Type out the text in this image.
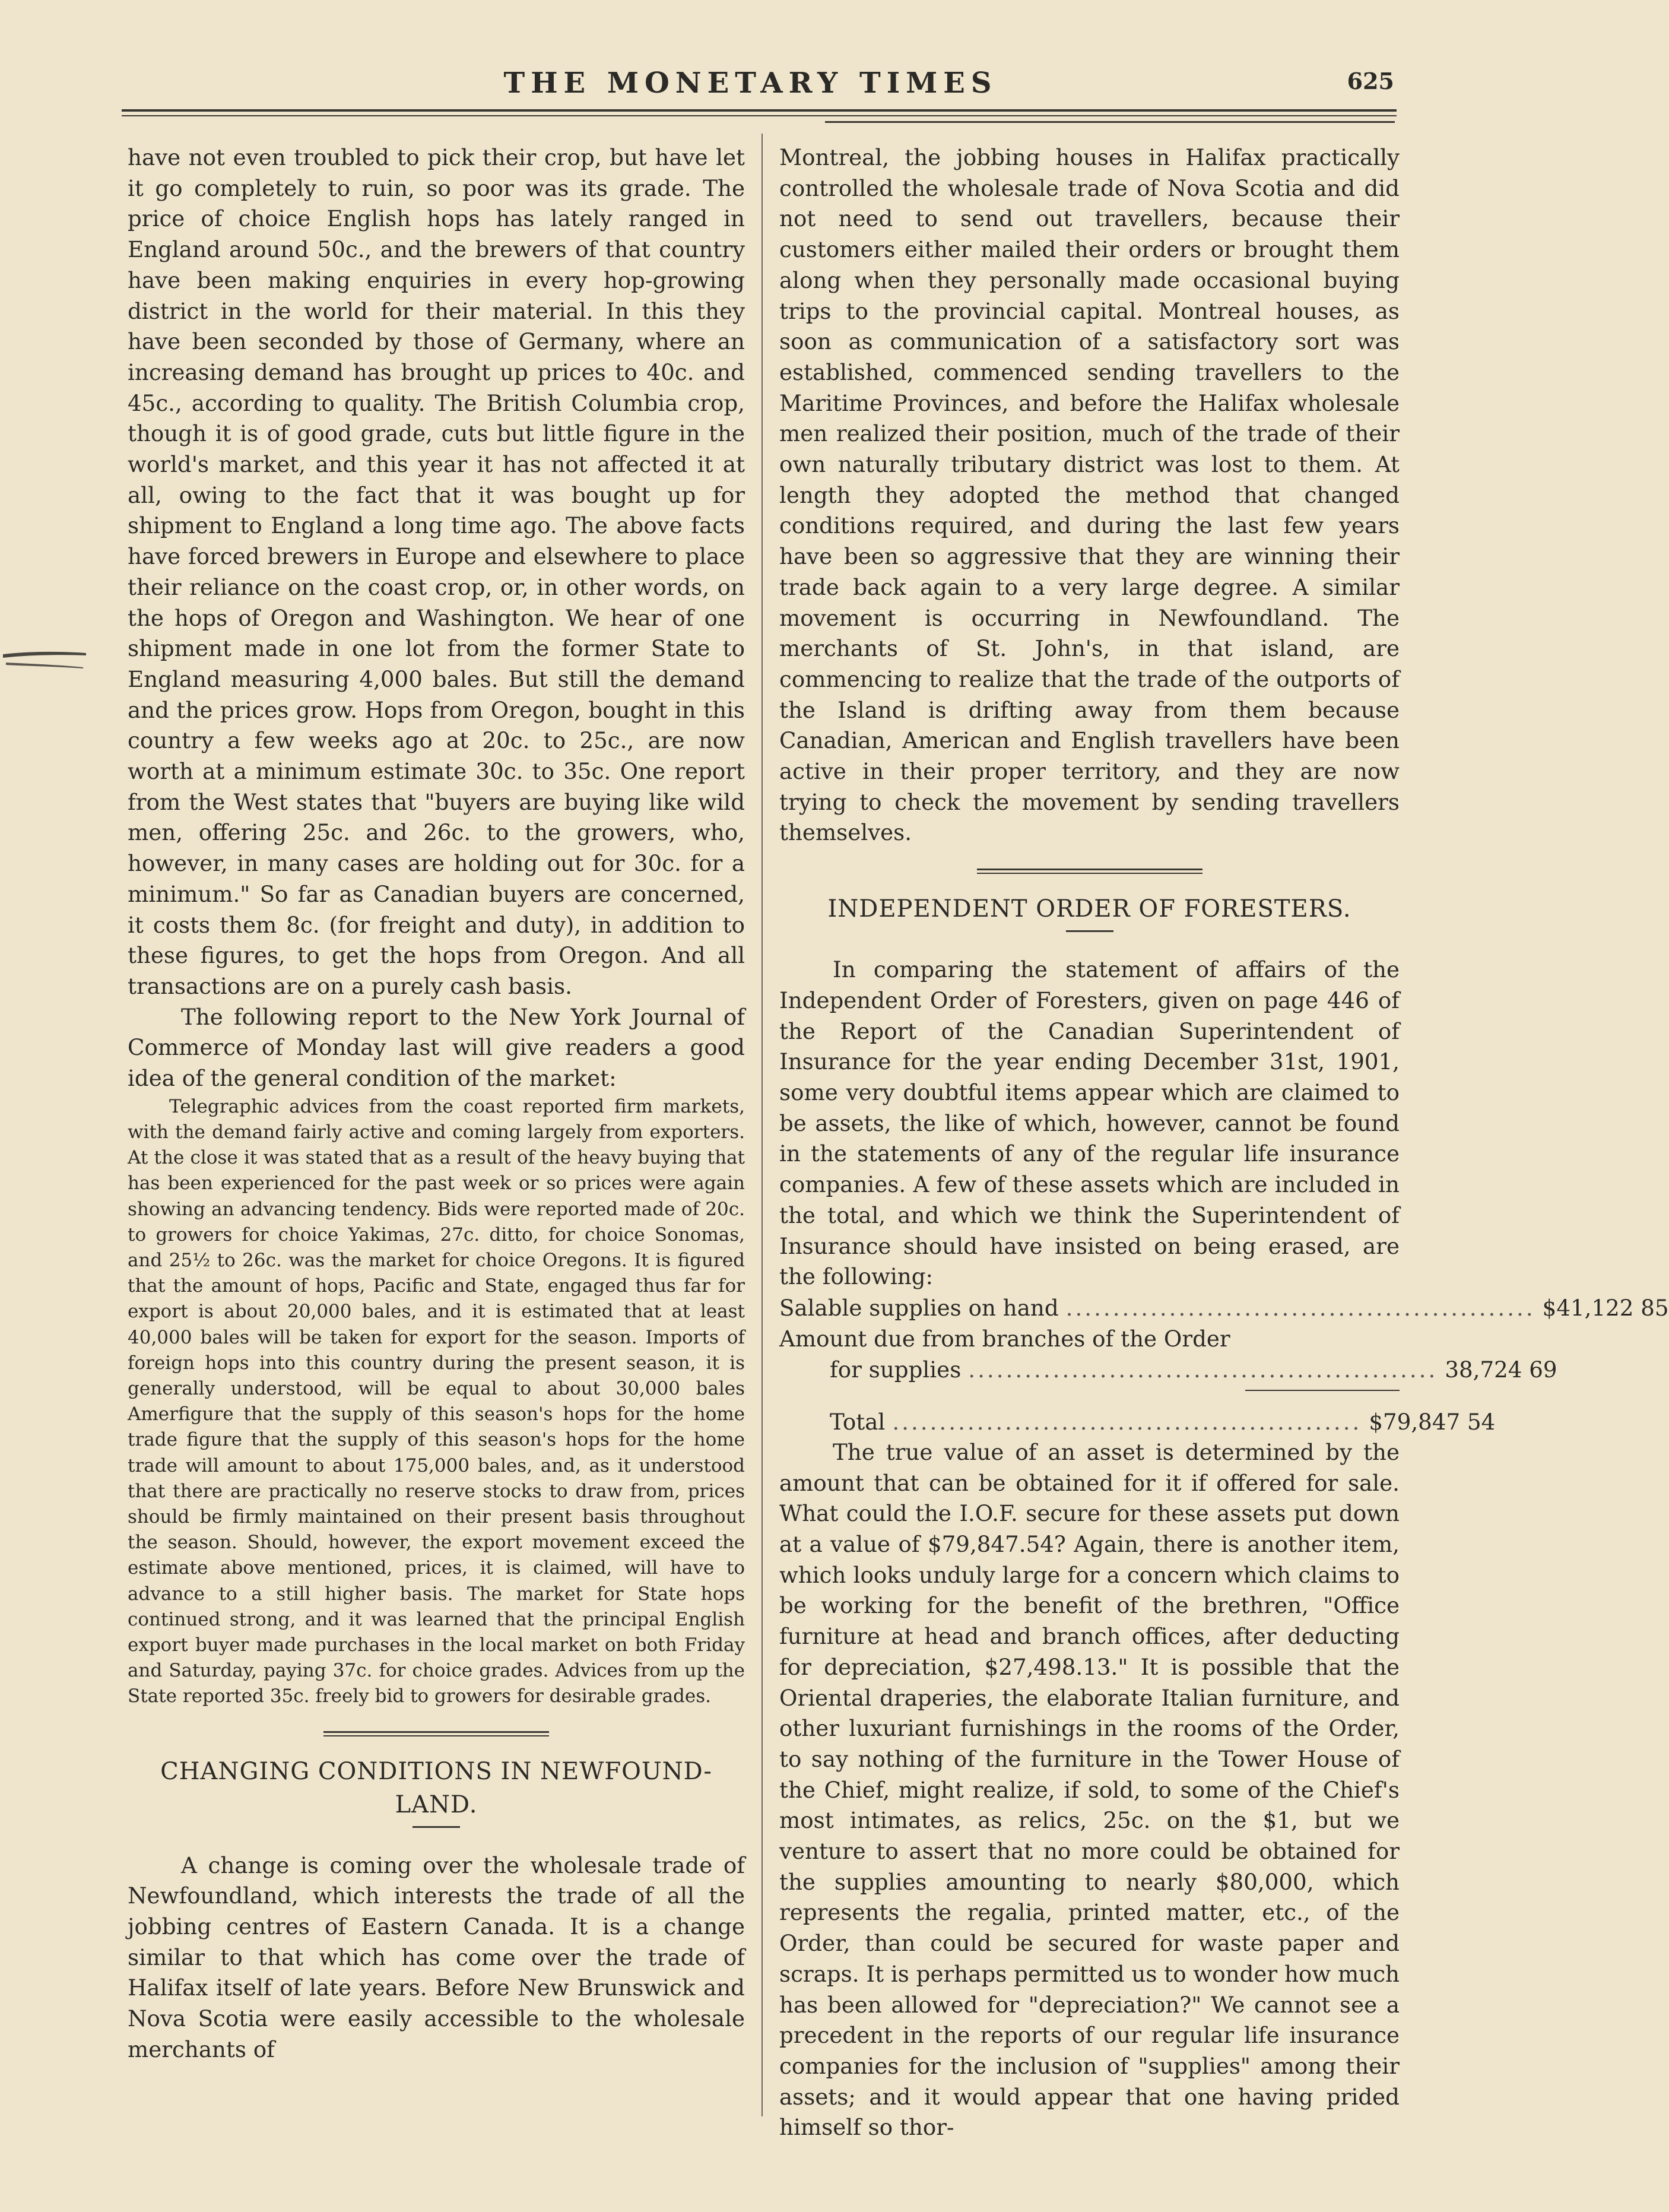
THE MONETARY TIMES	625

have not even troubled to pick their crop, but have let it go completely to ruin, so poor was its grade. The price of choice English hops has lately ranged in England around 50c., and the brewers of that country have been making enquiries in every hop-growing district in the world for their material. In this they have been seconded by those of Germany, where an increasing demand has brought up prices to 40c. and 45c., according to quality. The British Columbia crop, though it is of good grade, cuts but little figure in the world's market, and this year it has not affected it at all, owing to the fact that it was bought up for shipment to England a long time ago. The above facts have forced brewers in Europe and elsewhere to place their reliance on the coast crop, or, in other words, on the hops of Oregon and Washington. We hear of one shipment made in one lot from the former State to England measuring 4,000 bales. But still the demand and the prices grow. Hops from Oregon, bought in this country a few weeks ago at 20c. to 25c., are now worth at a minimum estimate 30c. to 35c. One report from the West states that "buyers are buying like wild men, offering 25c. and 26c. to the growers, who, however, in many cases are holding out for 30c. for a minimum." So far as Canadian buyers are concerned, it costs them 8c. (for freight and duty), in addition to these figures, to get the hops from Oregon. And all transactions are on a purely cash basis.

The following report to the New York Journal of Commerce of Monday last will give readers a good idea of the general condition of the market:

Telegraphic advices from the coast reported firm markets, with the demand fairly active and coming largely from exporters. At the close it was stated that as a result of the heavy buying that has been experienced for the past week or so prices were again showing an advancing tendency. Bids were reported made of 20c. to growers for choice Yakimas, 27c. ditto, for choice Sonomas, and 25½ to 26c. was the market for choice Oregons. It is figured that the amount of hops, Pacific and State, engaged thus far for export is about 20,000 bales, and it is estimated that at least 40,000 bales will be taken for export for the season. Imports of foreign hops into this country during the present season, it is generally understood, will be equal to about 30,000 bales Amerfigure that the supply of this season's hops for the home trade figure that the supply of this season's hops for the home trade will amount to about 175,000 bales, and, as it understood that there are practically no reserve stocks to draw from, prices should be firmly maintained on their present basis throughout the season. Should, however, the export movement exceed the estimate above mentioned, prices, it is claimed, will have to advance to a still higher basis. The market for State hops continued strong, and it was learned that the principal English export buyer made purchases in the local market on both Friday and Saturday, paying 37c. for choice grades. Advices from up the State reported 35c. freely bid to growers for desirable grades.

CHANGING CONDITIONS IN NEWFOUND-LAND.

A change is coming over the wholesale trade of Newfoundland, which interests the trade of all the jobbing centres of Eastern Canada. It is a change similar to that which has come over the trade of Halifax itself of late years. Before New Brunswick and Nova Scotia were easily accessible to the wholesale merchants of

Montreal, the jobbing houses in Halifax practically controlled the wholesale trade of Nova Scotia and did not need to send out travellers, because their customers either mailed their orders or brought them along when they personally made occasional buying trips to the provincial capital. Montreal houses, as soon as communication of a satisfactory sort was established, commenced sending travellers to the Maritime Provinces, and before the Halifax wholesale men realized their position, much of the trade of their own naturally tributary district was lost to them. At length they adopted the method that changed conditions required, and during the last few years have been so aggressive that they are winning their trade back again to a very large degree. A similar movement is occurring in Newfoundland. The merchants of St. John's, in that island, are commencing to realize that the trade of the outports of the Island is drifting away from them because Canadian, American and English travellers have been active in their proper territory, and they are now trying to check the movement by sending travellers themselves.

INDEPENDENT ORDER OF FORESTERS.

In comparing the statement of affairs of the Independent Order of Foresters, given on page 446 of the Report of the Canadian Superintendent of Insurance for the year ending December 31st, 1901, some very doubtful items appear which are claimed to be assets, the like of which, however, cannot be found in the statements of any of the regular life insurance companies. A few of these assets which are included in the total, and which we think the Superintendent of Insurance should have insisted on being erased, are the following:

Salable supplies on hand .................................................. $41,122 85
Amount due from branches of the Order
for supplies .................................................. 38,724 69
Total .................................................. $79,847 54

The true value of an asset is determined by the amount that can be obtained for it if offered for sale. What could the I.O.F. secure for these assets put down at a value of $79,847.54? Again, there is another item, which looks unduly large for a concern which claims to be working for the benefit of the brethren, "Office furniture at head and branch offices, after deducting for depreciation, $27,498.13." It is possible that the Oriental draperies, the elaborate Italian furniture, and other luxuriant furnishings in the rooms of the Order, to say nothing of the furniture in the Tower House of the Chief, might realize, if sold, to some of the Chief's most intimates, as relics, 25c. on the $1, but we venture to assert that no more could be obtained for the supplies amounting to nearly $80,000, which represents the regalia, printed matter, etc., of the Order, than could be secured for waste paper and scraps. It is perhaps permitted us to wonder how much has been allowed for "depreciation?" We cannot see a precedent in the reports of our regular life insurance companies for the inclusion of "supplies" among their assets; and it would appear that one having prided himself so thor-
